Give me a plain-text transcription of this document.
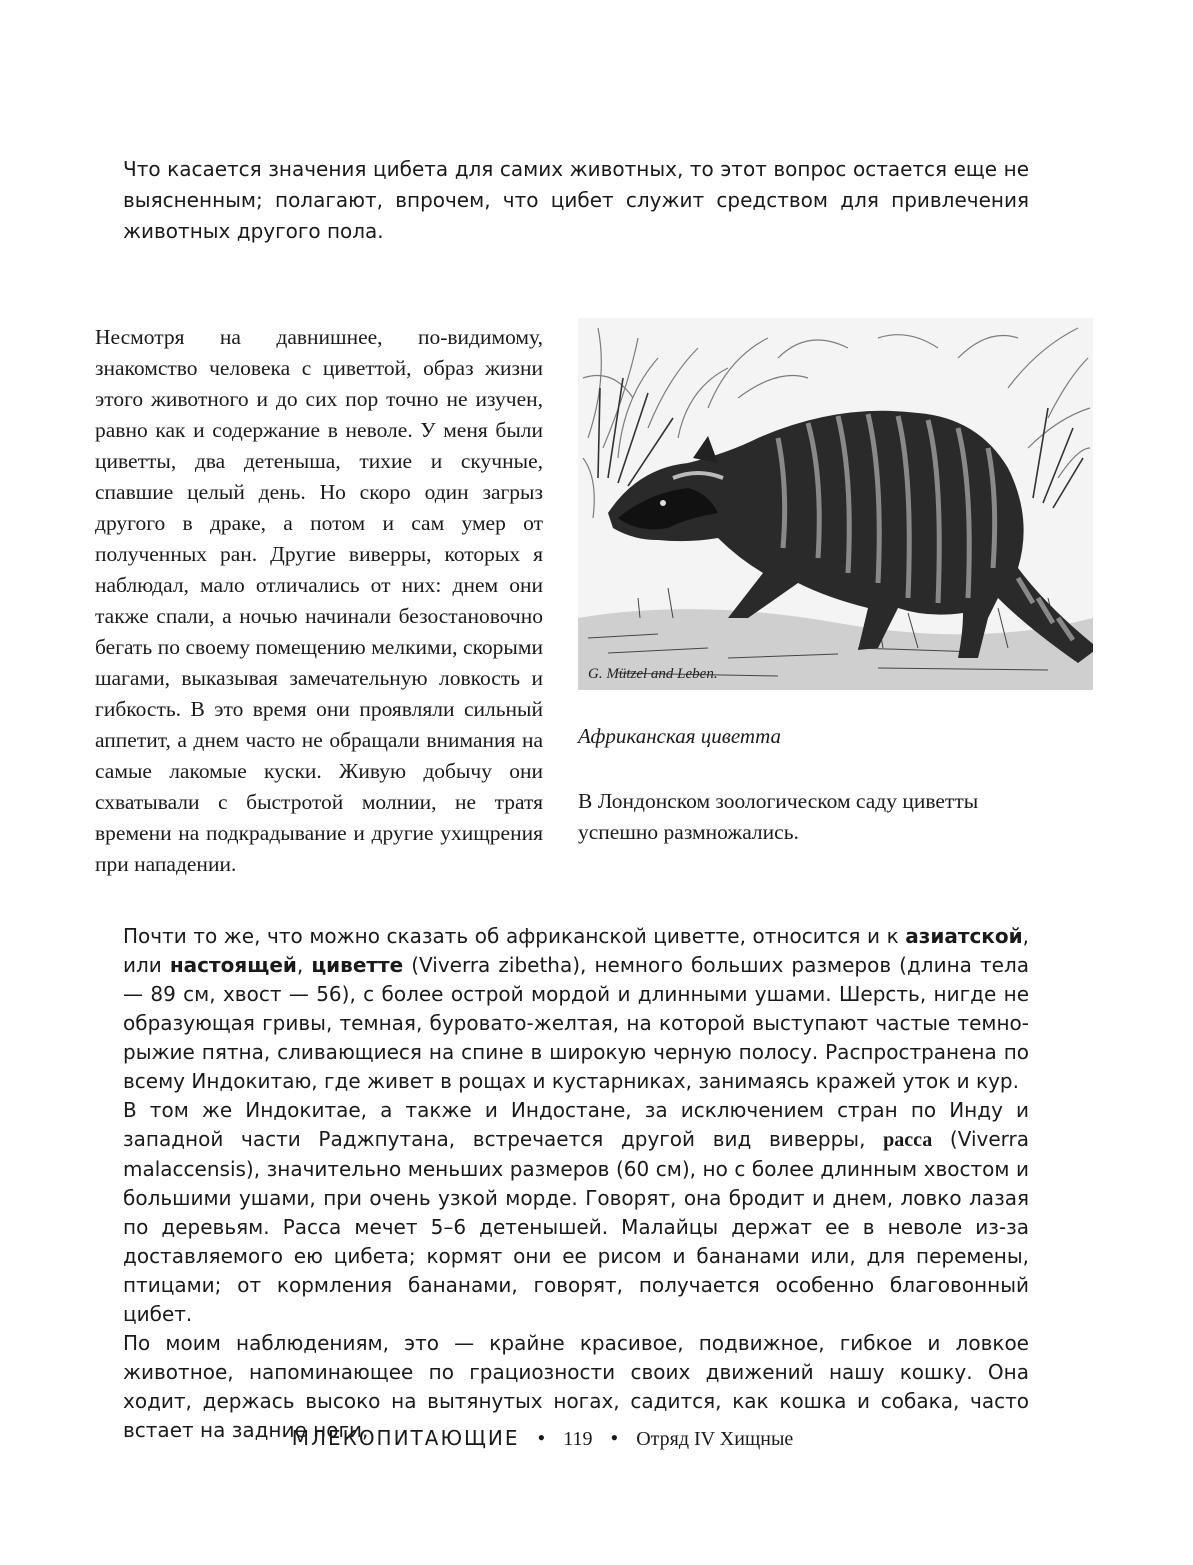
Что касается значения цибета для самих животных, то этот вопрос остается еще не выясненным; полагают, впрочем, что цибет служит средством для привлечения животных другого пола.

Несмотря на давнишнее, по-видимому, знакомство человека с циветтой, образ жизни этого животного и до сих пор точно не изучен, равно как и содержание в неволе. У меня были циветты, два детеныша, тихие и скучные, спавшие целый день. Но скоро один загрыз другого в драке, а потом и сам умер от полученных ран. Другие виверры, которых я наблюдал, мало отличались от них: днем они также спали, а ночью начинали безостановочно бегать по своему помещению мелкими, скорыми шагами, выказывая замечательную ловкость и гибкость. В это время они проявляли сильный аппетит, а днем часто не обращали внимания на самые лакомые куски. Живую добычу они схватывали с быстротой молнии, не тратя времени на подкрадывание и другие ухищрения при нападении.

G. Mützel and Leben.

Африканская циветта

В Лондонском зоологическом саду циветты успешно размножались.

Почти то же, что можно сказать об африканской циветте, относится и к азиатской, или настоящей, циветте (Viverra zibetha), немного больших размеров (длина тела — 89 см, хвост — 56), с более острой мордой и длинными ушами. Шерсть, нигде не образующая гривы, темная, буровато-желтая, на которой выступают частые темно-рыжие пятна, сливающиеся на спине в широкую черную полосу. Распространена по всему Индокитаю, где живет в рощах и кустарниках, занимаясь кражей уток и кур.

В том же Индокитае, а также и Индостане, за исключением стран по Инду и западной части Раджпутана, встречается другой вид виверры, расса (Viverra malaccensis), значительно меньших размеров (60 см), но с более длинным хвостом и большими ушами, при очень узкой морде. Говорят, она бродит и днем, ловко лазая по деревьям. Расса мечет 5–6 детенышей. Малайцы держат ее в неволе из-за доставляемого ею цибета; кормят они ее рисом и бананами или, для перемены, птицами; от кормления бананами, говорят, получается особенно благовонный цибет.

По моим наблюдениям, это — крайне красивое, подвижное, гибкое и ловкое животное, напоминающее по грациозности своих движений нашу кошку. Она ходит, держась высоко на вытянутых ногах, садится, как кошка и собака, часто встает на задние ноги,

МЛЕКОПИТАЮЩИЕ • 119 • Отряд IV Хищные
